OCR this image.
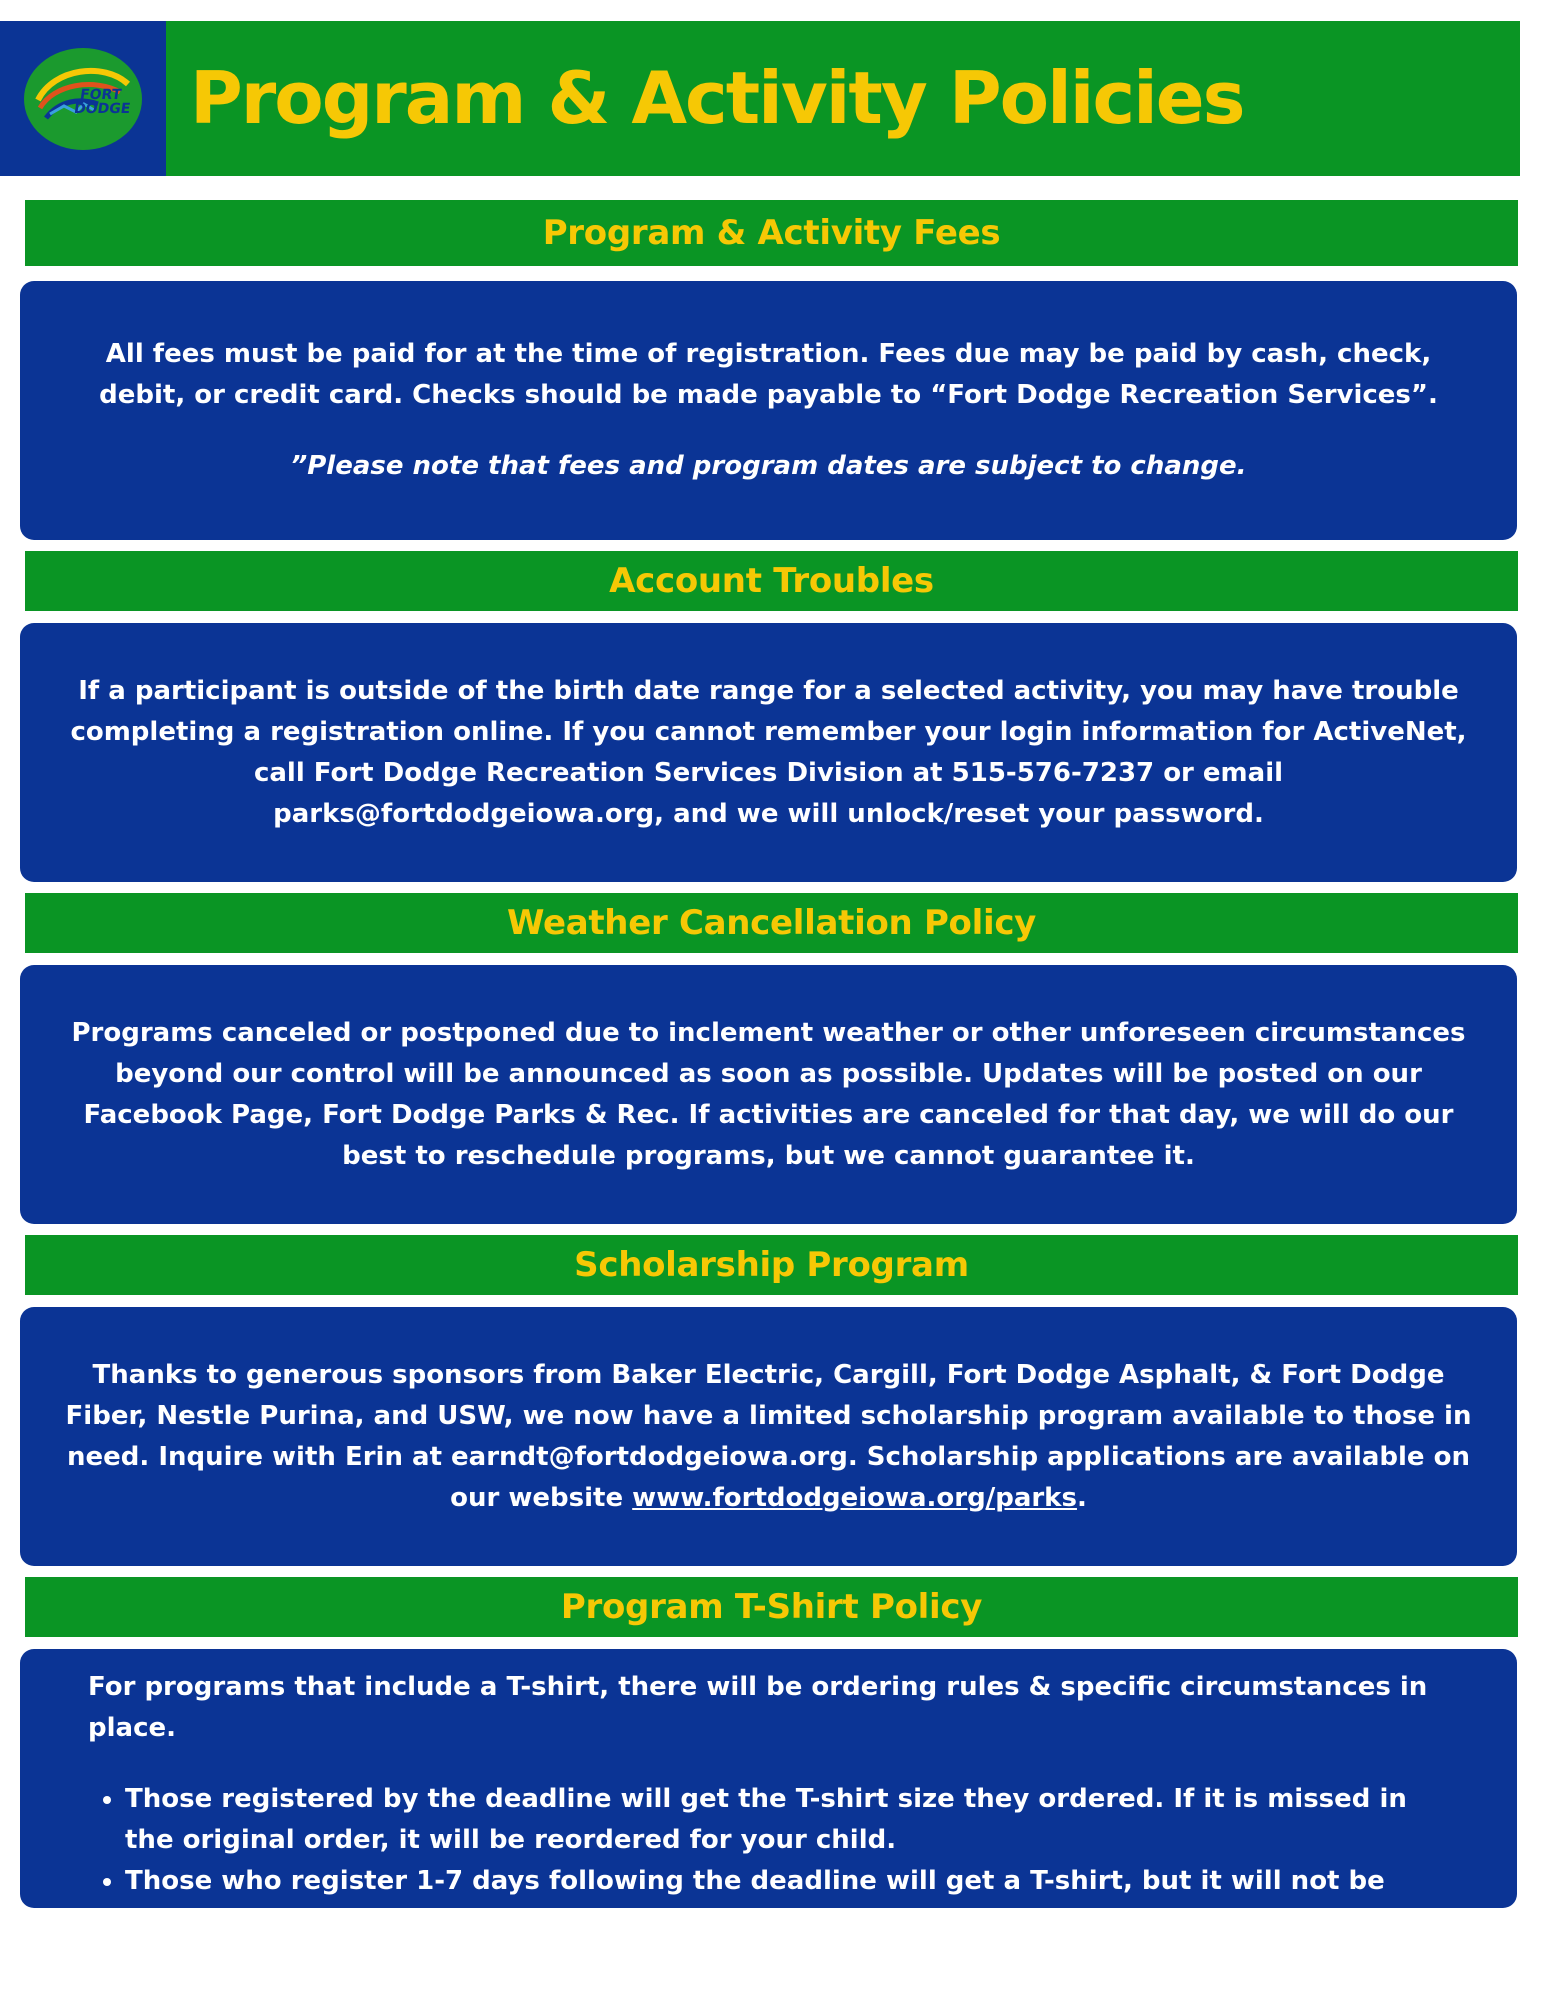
FORT
DODGE Program & Activity Policies
Program & Activity Fees

All fees must be paid for at the time of registration. Fees due may be paid by cash, check, debit, or credit card. Checks should be made payable to “Fort Dodge Recreation Services”.

”Please note that fees and program dates are subject to change.

Account Troubles

If a participant is outside of the birth date range for a selected activity, you may have trouble completing a registration online. If you cannot remember your login information for ActiveNet, call Fort Dodge Recreation Services Division at 515-576-7237 or email parks@fortdodgeiowa.org, and we will unlock/reset your password.

Weather Cancellation Policy

Programs canceled or postponed due to inclement weather or other unforeseen circumstances beyond our control will be announced as soon as possible. Updates will be posted on our Facebook Page, Fort Dodge Parks & Rec. If activities are canceled for that day, we will do our best to reschedule programs, but we cannot guarantee it.

Scholarship Program

Thanks to generous sponsors from Baker Electric, Cargill, Fort Dodge Asphalt, & Fort Dodge Fiber, Nestle Purina, and USW, we now have a limited scholarship program available to those in need. Inquire with Erin at earndt@fortdodgeiowa.org. Scholarship applications are available on our website www.fortdodgeiowa.org/parks.

Program T-Shirt Policy

For programs that include a T-shirt, there will be ordering rules & specific circumstances in place.

• Those registered by the deadline will get the T-shirt size they ordered. If it is missed in the original order, it will be reordered for your child.
• Those who register 1-7 days following the deadline will get a T-shirt, but it will not be rush ordered due to the deadline being passed.
